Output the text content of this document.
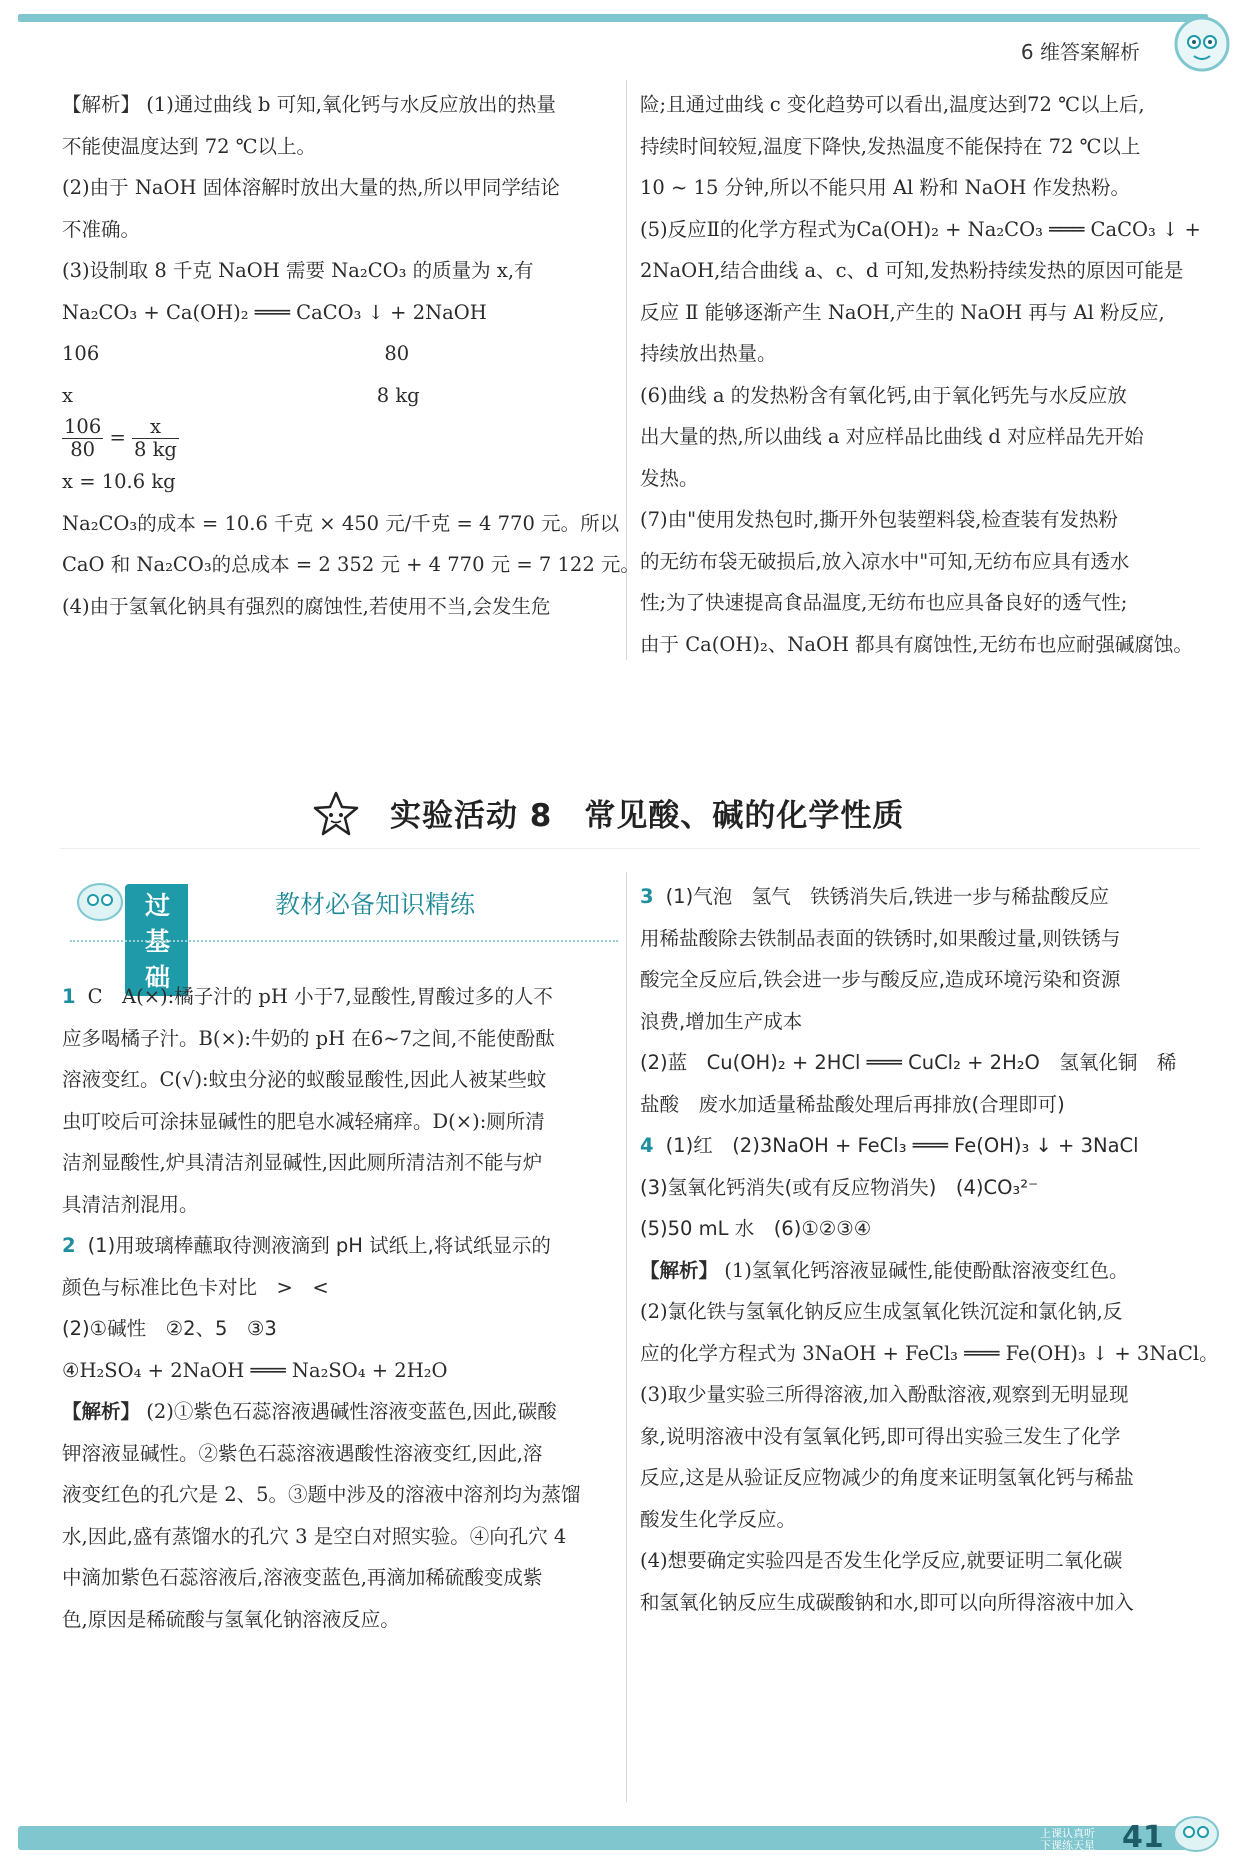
6 维答案解析

【解析】 (1)通过曲线 b 可知,氧化钙与水反应放出的热量

不能使温度达到 72 ℃以上。

(2)由于 NaOH 固体溶解时放出大量的热,所以甲同学结论

不准确。

(3)设制取 8 千克 NaOH 需要 Na₂CO₃ 的质量为 x,有

Na₂CO₃ + Ca(OH)₂ ═══ CaCO₃ ↓ + 2NaOH

106                                              80

x                                                 8 kg

$\frac{106}{80} = \frac{x}{8 kg}$

x = 10.6 kg

Na₂CO₃的成本 = 10.6 千克 × 450 元/千克 = 4 770 元。所以

CaO 和 Na₂CO₃的总成本 = 2 352 元 + 4 770 元 = 7 122 元。

(4)由于氢氧化钠具有强烈的腐蚀性,若使用不当,会发生危

险;且通过曲线 c 变化趋势可以看出,温度达到72 ℃以上后,

持续时间较短,温度下降快,发热温度不能保持在 72 ℃以上

10 ~ 15 分钟,所以不能只用 Al 粉和 NaOH 作发热粉。

(5)反应Ⅱ的化学方程式为Ca(OH)₂ + Na₂CO₃ ═══ CaCO₃ ↓ +

2NaOH,结合曲线 a、c、d 可知,发热粉持续发热的原因可能是

反应 Ⅱ 能够逐渐产生 NaOH,产生的 NaOH 再与 Al 粉反应,

持续放出热量。

(6)曲线 a 的发热粉含有氧化钙,由于氧化钙先与水反应放

出大量的热,所以曲线 a 对应样品比曲线 d 对应样品先开始

发热。

(7)由"使用发热包时,撕开外包装塑料袋,检查装有发热粉

的无纺布袋无破损后,放入凉水中"可知,无纺布应具有透水

性;为了快速提高食品温度,无纺布也应具备良好的透气性;

由于 Ca(OH)₂、NaOH 都具有腐蚀性,无纺布也应耐强碱腐蚀。

实验活动 8　常见酸、碱的化学性质
过基础
教材必备知识精练

1 C　A(×):橘子汁的 pH 小于7,显酸性,胃酸过多的人不

应多喝橘子汁。B(×):牛奶的 pH 在6~7之间,不能使酚酞

溶液变红。C(√):蚊虫分泌的蚁酸显酸性,因此人被某些蚊

虫叮咬后可涂抹显碱性的肥皂水减轻痛痒。D(×):厕所清

洁剂显酸性,炉具清洁剂显碱性,因此厕所清洁剂不能与炉

具清洁剂混用。

2 (1)用玻璃棒蘸取待测液滴到 pH 试纸上,将试纸显示的

颜色与标准比色卡对比　>　<

(2)①碱性　②2、5　③3

④H₂SO₄ + 2NaOH ═══ Na₂SO₄ + 2H₂O

【解析】 (2)①紫色石蕊溶液遇碱性溶液变蓝色,因此,碳酸

钾溶液显碱性。②紫色石蕊溶液遇酸性溶液变红,因此,溶

液变红色的孔穴是 2、5。③题中涉及的溶液中溶剂均为蒸馏

水,因此,盛有蒸馏水的孔穴 3 是空白对照实验。④向孔穴 4

中滴加紫色石蕊溶液后,溶液变蓝色,再滴加稀硫酸变成紫

色,原因是稀硫酸与氢氧化钠溶液反应。

3 (1)气泡　氢气　铁锈消失后,铁进一步与稀盐酸反应

用稀盐酸除去铁制品表面的铁锈时,如果酸过量,则铁锈与

酸完全反应后,铁会进一步与酸反应,造成环境污染和资源

浪费,增加生产成本

(2)蓝　Cu(OH)₂ + 2HCl ═══ CuCl₂ + 2H₂O　氢氧化铜　稀

盐酸　废水加适量稀盐酸处理后再排放(合理即可)

4 (1)红　(2)3NaOH + FeCl₃ ═══ Fe(OH)₃ ↓ + 3NaCl

(3)氢氧化钙消失(或有反应物消失)　(4)CO₃²⁻

(5)50 mL 水　(6)①②③④

【解析】 (1)氢氧化钙溶液显碱性,能使酚酞溶液变红色。

(2)氯化铁与氢氧化钠反应生成氢氧化铁沉淀和氯化钠,反

应的化学方程式为 3NaOH + FeCl₃ ═══ Fe(OH)₃ ↓ + 3NaCl。

(3)取少量实验三所得溶液,加入酚酞溶液,观察到无明显现

象,说明溶液中没有氢氧化钙,即可得出实验三发生了化学

反应,这是从验证反应物减少的角度来证明氢氧化钙与稀盐

酸发生化学反应。

(4)想要确定实验四是否发生化学反应,就要证明二氧化碳

和氢氧化钠反应生成碳酸钠和水,即可以向所得溶液中加入

上课认真听
下课练天星 41
